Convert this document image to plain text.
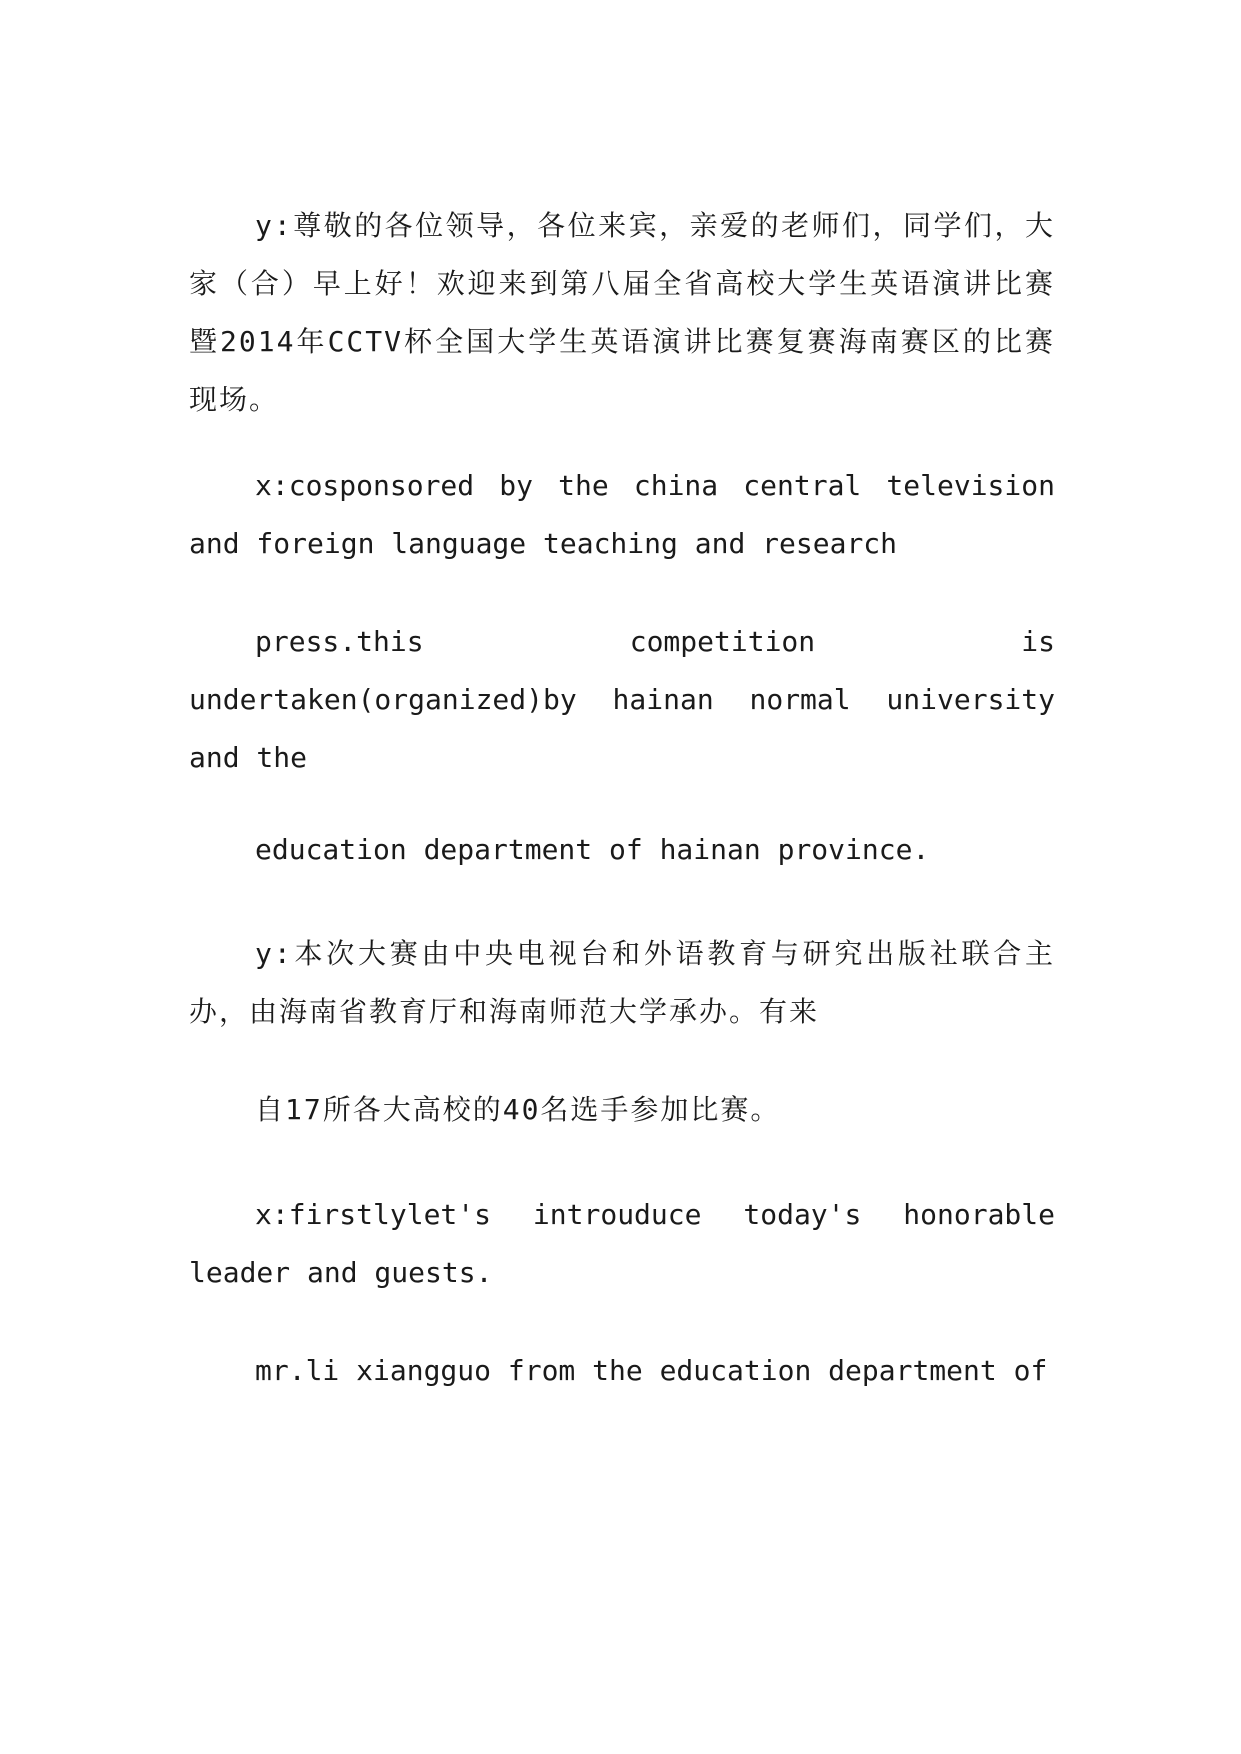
y:尊敬的各位领导，各位来宾，亲爱的老师们，同学们，大家（合）早上好！欢迎来到第八届全省高校大学生英语演讲比赛暨2014年CCTV杯全国大学生英语演讲比赛复赛海南赛区的比赛现场。

x:cosponsored by the china central television and foreign language teaching and research

press.this competition is undertaken(organized)by hainan normal university and the

education department of hainan province.

y:本次大赛由中央电视台和外语教育与研究出版社联合主办，由海南省教育厅和海南师范大学承办。有来

自17所各大高校的40名选手参加比赛。

x:firstlylet's introuduce today's honorable leader and guests.

mr.li xiangguo from the education department of
